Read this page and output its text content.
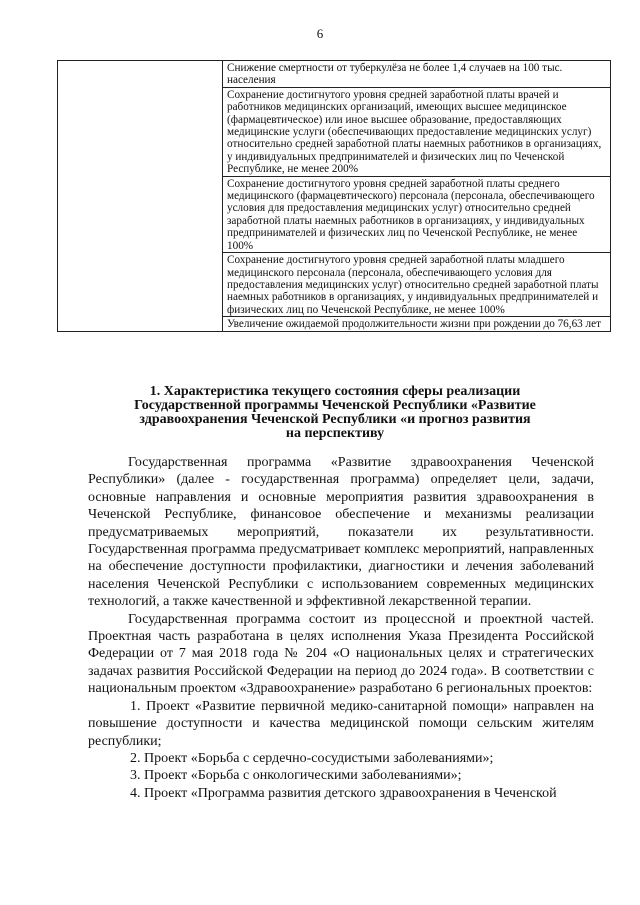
6
	Снижение смертности от туберкулёза не более 1,4 случаев на 100 тыс. населения
Сохранение достигнутого уровня средней заработной платы врачей и работников медицинских организаций, имеющих высшее медицинское (фармацевтическое) или иное высшее образование, предоставляющих медицинские услуги (обеспечивающих предоставление медицинских услуг) относительно средней заработной платы наемных работников в организациях, у индивидуальных предпринимателей и физических лиц по Чеченской Республике, не менее 200%
Сохранение достигнутого уровня средней заработной платы среднего медицинского (фармацевтического) персонала (персонала, обеспечивающего условия для предоставления медицинских услуг) относительно средней заработной платы наемных работников в организациях, у индивидуальных предпринимателей и физических лиц по Чеченской Республике, не менее 100%
Сохранение достигнутого уровня средней заработной платы младшего медицинского персонала (персонала, обеспечивающего условия для предоставления медицинских услуг) относительно средней заработной платы наемных работников в организациях, у индивидуальных предпринимателей и физических лиц по Чеченской Республике, не менее 100%
Увеличение ожидаемой продолжительности жизни при рождении до 76,63 лет
1. Характеристика текущего состояния сферы реализации
Государственной программы Чеченской Республики «Развитие
здравоохранения Чеченской Республики «и прогноз развития
на перспективу

Государственная программа «Развитие здравоохранения Чеченской Республики» (далее - государственная программа) определяет цели, задачи, основные направления и основные мероприятия развития здравоохранения в Чеченской Республике, финансовое обеспечение и механизмы реализации предусматриваемых мероприятий, показатели их результативности. Государственная программа предусматривает комплекс мероприятий, направленных на обеспечение доступности профилактики, диагностики и лечения заболеваний населения Чеченской Республики с использованием современных медицинских технологий, а также качественной и эффективной лекарственной терапии.

Государственная программа состоит из процессной и проектной частей. Проектная часть разработана в целях исполнения Указа Президента Российской Федерации от 7 мая 2018 года № 204 «О национальных целях и стратегических задачах развития Российской Федерации на период до 2024 года». В соответствии с национальным проектом «Здравоохранение» разработано 6 региональных проектов:

1. Проект «Развитие первичной медико-санитарной помощи» направлен на повышение доступности и качества медицинской помощи сельским жителям республики;

2. Проект «Борьба с сердечно-сосудистыми заболеваниями»;

3. Проект «Борьба с онкологическими заболеваниями»;

4. Проект «Программа развития детского здравоохранения в Чеченской
